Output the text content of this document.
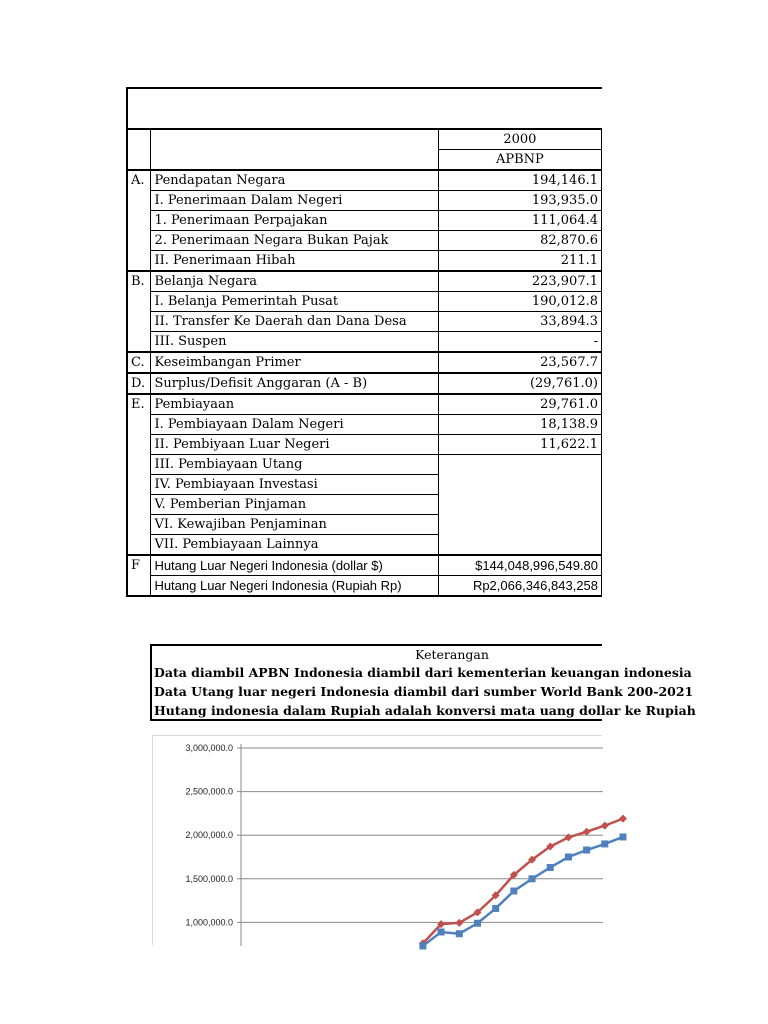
		2000
		APBNP
A.	Pendapatan Negara	194,146.1
	I. Penerimaan Dalam Negeri	193,935.0
	1. Penerimaan Perpajakan	111,064.4
	2. Penerimaan Negara Bukan Pajak	82,870.6
	II. Penerimaan Hibah	211.1
B.	Belanja Negara	223,907.1
	I. Belanja Pemerintah Pusat	190,012.8
	II. Transfer Ke Daerah dan Dana Desa	33,894.3
	III. Suspen	-
C.	Keseimbangan Primer	23,567.7
D.	Surplus/Defisit Anggaran (A - B)	(29,761.0)
E.	Pembiayaan	29,761.0
	I. Pembiayaan Dalam Negeri	18,138.9
	II. Pembiyaan Luar Negeri	11,622.1
	III. Pembiayaan Utang	
	IV. Pembiayaan Investasi	
	V. Pemberian Pinjaman	
	VI. Kewajiban Penjaminan	
	VII. Pembiayaan Lainnya	
F	Hutang Luar Negeri Indonesia (dollar $)	$144,048,996,549.80
	Hutang Luar Negeri Indonesia (Rupiah Rp)	Rp2,066,346,843,258
Keterangan
Data diambil APBN Indonesia diambil dari kementerian keuangan indonesia
Data Utang luar negeri Indonesia diambil dari sumber World Bank 200-2021
Hutang indonesia dalam Rupiah adalah konversi mata uang dollar ke Rupiah
3,000,000.0
2,500,000.0
2,000,000.0
1,500,000.0
1,000,000.0
